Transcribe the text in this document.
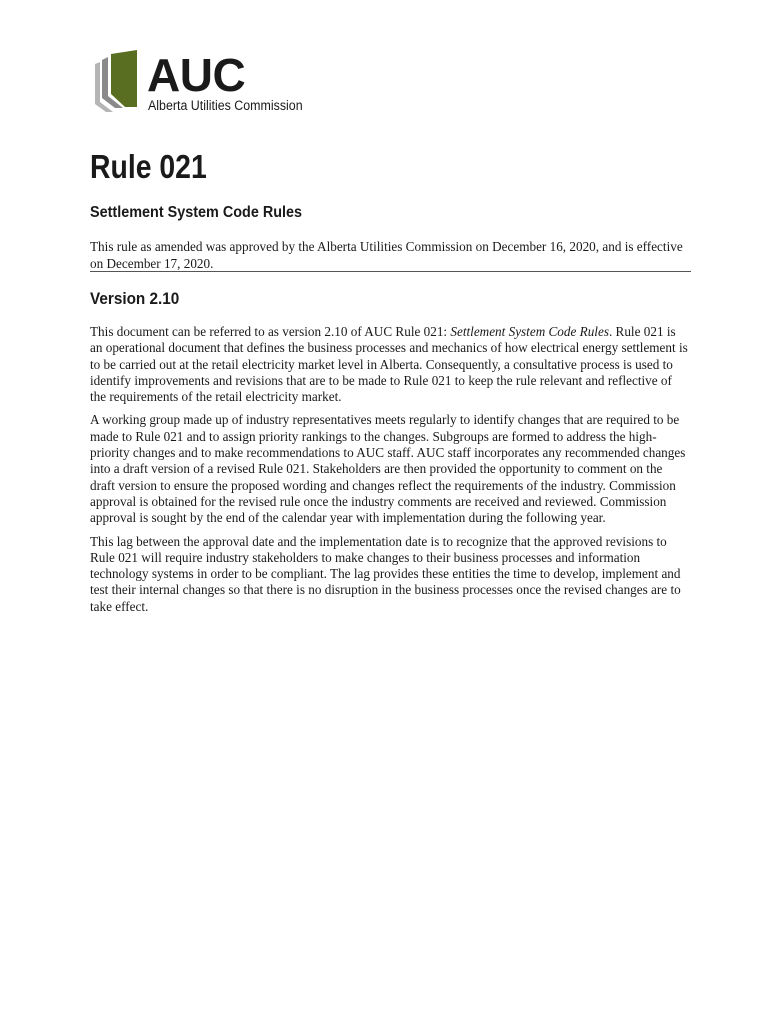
AUC
Alberta Utilities Commission
Rule 021
Settlement System Code Rules

This rule as amended was approved by the Alberta Utilities Commission on December 16, 2020, and is effective on December 17, 2020.

Version 2.10

This document can be referred to as version 2.10 of AUC Rule 021: Settlement System Code Rules. Rule 021 is an operational document that defines the business processes and mechanics of how electrical energy settlement is to be carried out at the retail electricity market level in Alberta. Consequently, a consultative process is used to identify improvements and revisions that are to be made to Rule 021 to keep the rule relevant and reflective of the requirements of the retail electricity market.

A working group made up of industry representatives meets regularly to identify changes that are required to be made to Rule 021 and to assign priority rankings to the changes. Subgroups are formed to address the high-priority changes and to make recommendations to AUC staff. AUC staff incorporates any recommended changes into a draft version of a revised Rule 021. Stakeholders are then provided the opportunity to comment on the draft version to ensure the proposed wording and changes reflect the requirements of the industry. Commission approval is obtained for the revised rule once the industry comments are received and reviewed. Commission approval is sought by the end of the calendar year with implementation during the following year.

This lag between the approval date and the implementation date is to recognize that the approved revisions to Rule 021 will require industry stakeholders to make changes to their business processes and information technology systems in order to be compliant. The lag provides these entities the time to develop, implement and test their internal changes so that there is no disruption in the business processes once the revised changes are to take effect.
